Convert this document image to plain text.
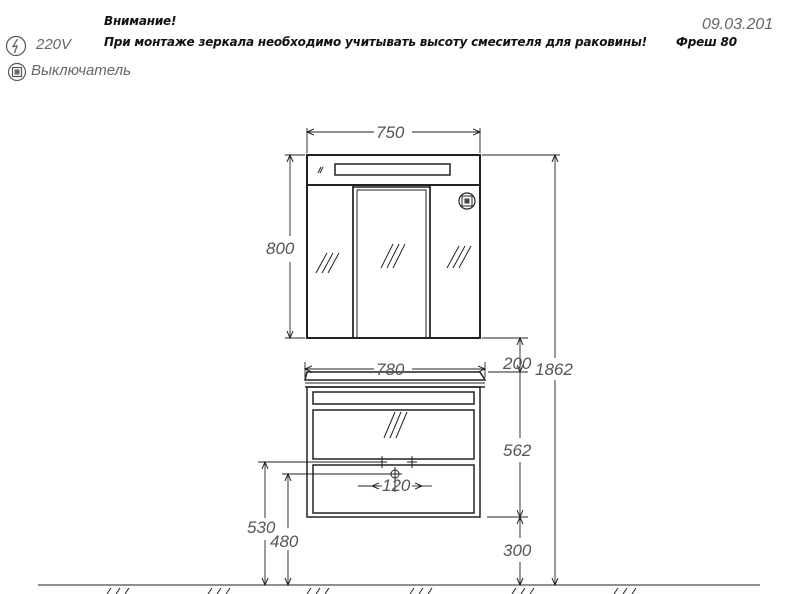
Внимание!
При монтаже зеркала необходимо учитывать высоту смесителя для раковины! Фреш 80
09.03.201
220V
Выключатель
750
800
1862
200
780
562
120
530
480	300
